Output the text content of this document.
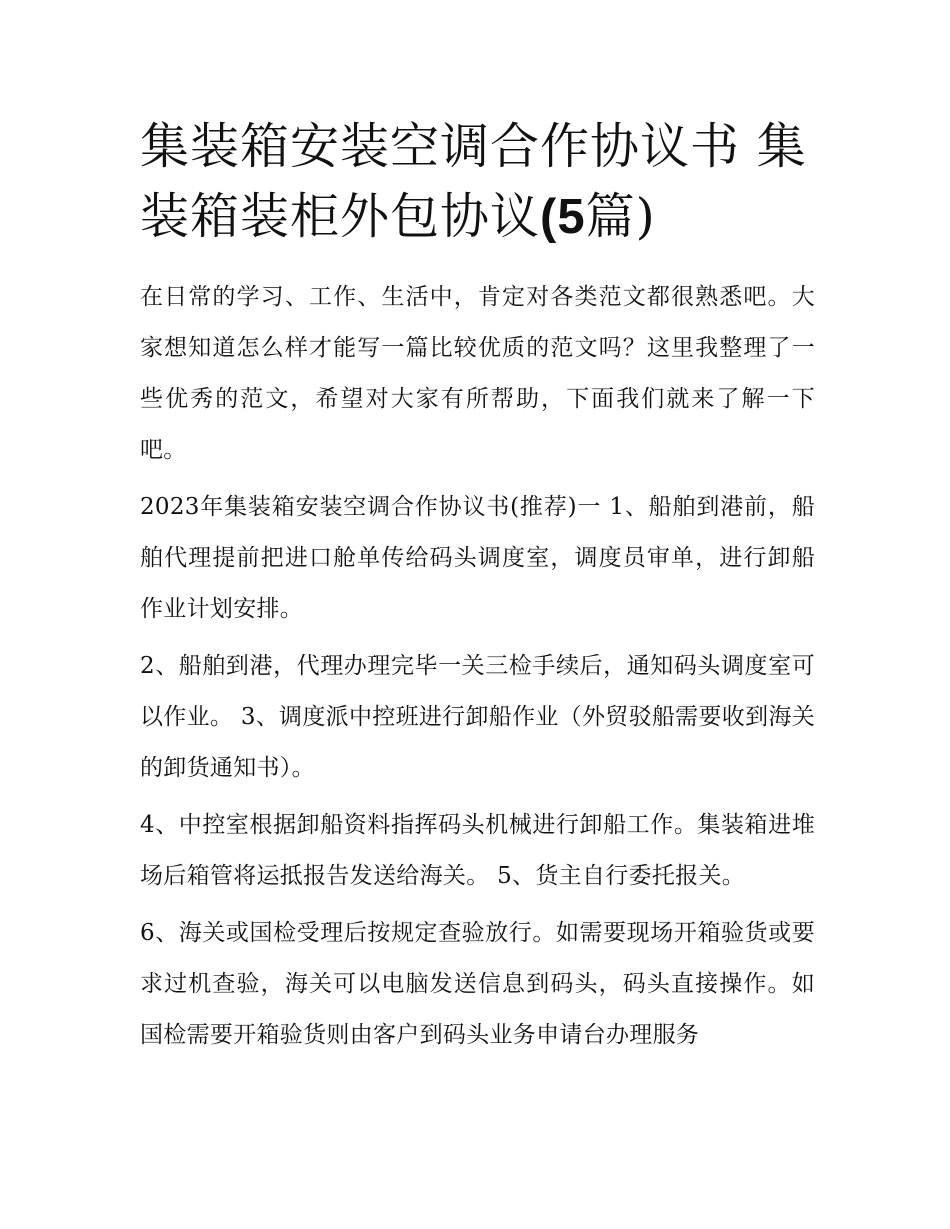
集装箱安装空调合作协议书 集装箱装柜外包协议(5篇)

在日常的学习、工作、生活中，肯定对各类范文都很熟悉吧。大家想知道怎么样才能写一篇比较优质的范文吗？这里我整理了一些优秀的范文，希望对大家有所帮助，下面我们就来了解一下吧。

2023年集装箱安装空调合作协议书(推荐)一 1、船舶到港前，船舶代理提前把进口舱单传给码头调度室，调度员审单，进行卸船作业计划安排。

2、船舶到港，代理办理完毕一关三检手续后，通知码头调度室可以作业。 3、调度派中控班进行卸船作业（外贸驳船需要收到海关的卸货通知书）。

4、中控室根据卸船资料指挥码头机械进行卸船工作。集装箱进堆场后箱管将运抵报告发送给海关。 5、货主自行委托报关。

6、海关或国检受理后按规定查验放行。如需要现场开箱验货或要求过机查验，海关可以电脑发送信息到码头，码头直接操作。如国检需要开箱验货则由客户到码头业务申请台办理服务
